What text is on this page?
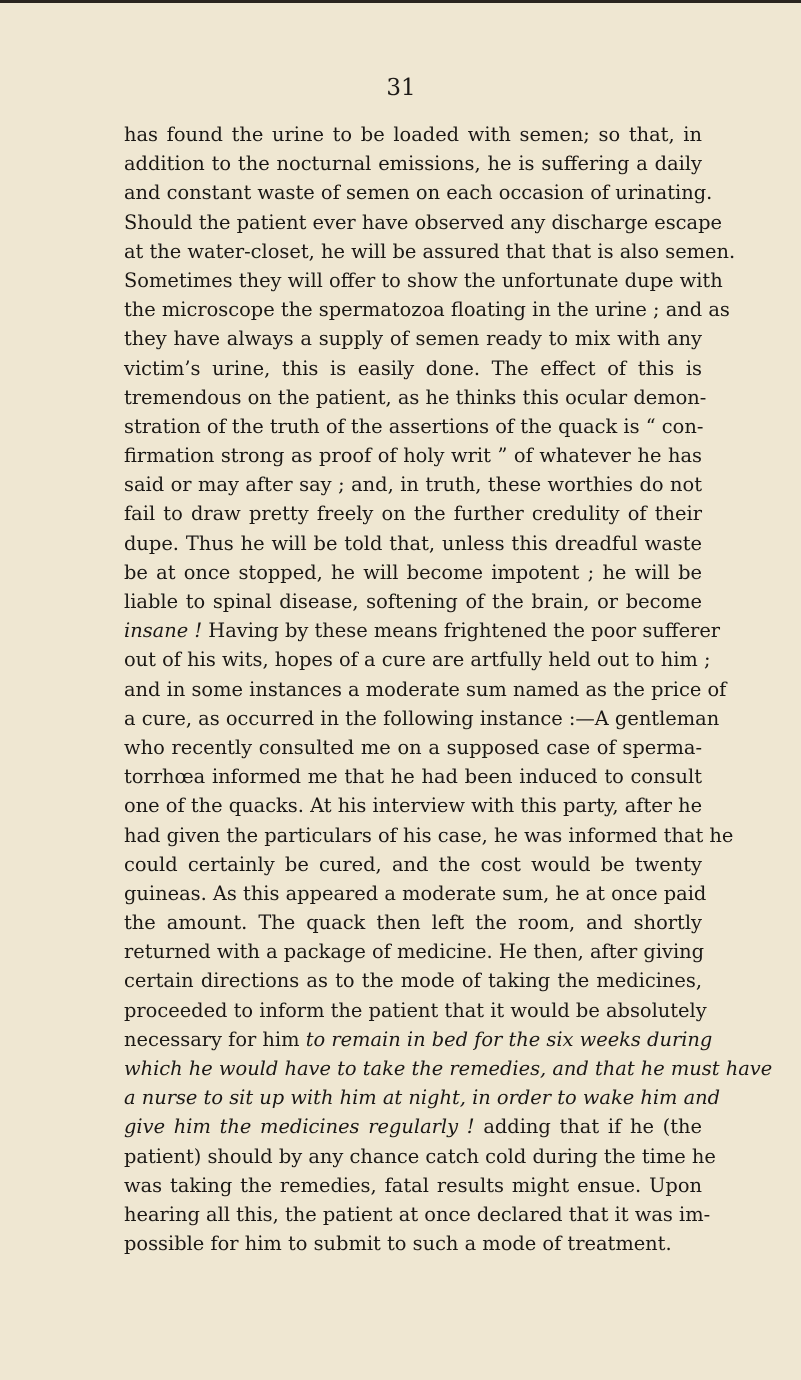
31
has found the urine to be loaded with semen; so that, in
addition to the nocturnal emissions, he is suffering a daily
and constant waste of semen on each occasion of urinating.
Should the patient ever have observed any discharge escape
at the water-closet, he will be assured that that is also semen.
Sometimes they will offer to show the unfortunate dupe with
the microscope the spermatozoa floating in the urine ; and as
they have always a supply of semen ready to mix with any
victim’s urine, this is easily done. The effect of this is
tremendous on the patient, as he thinks this ocular demon-
stration of the truth of the assertions of the quack is “ con-
firmation strong as proof of holy writ ” of whatever he has
said or may after say ; and, in truth, these worthies do not
fail to draw pretty freely on the further credulity of their
dupe. Thus he will be told that, unless this dreadful waste
be at once stopped, he will become impotent ; he will be
liable to spinal disease, softening of the brain, or become
insane ! Having by these means frightened the poor sufferer
out of his wits, hopes of a cure are artfully held out to him ;
and in some instances a moderate sum named as the price of
a cure, as occurred in the following instance :—A gentleman
who recently consulted me on a supposed case of sperma-
torrhœa informed me that he had been induced to consult
one of the quacks. At his interview with this party, after he
had given the particulars of his case, he was informed that he
could certainly be cured, and the cost would be twenty
guineas. As this appeared a moderate sum, he at once paid
the amount. The quack then left the room, and shortly
returned with a package of medicine. He then, after giving
certain directions as to the mode of taking the medicines,
proceeded to inform the patient that it would be absolutely
necessary for him to remain in bed for the six weeks during
which he would have to take the remedies, and that he must have
a nurse to sit up with him at night, in order to wake him and
give him the medicines regularly ! adding that if he (the
patient) should by any chance catch cold during the time he
was taking the remedies, fatal results might ensue. Upon
hearing all this, the patient at once declared that it was im-
possible for him to submit to such a mode of treatment.
